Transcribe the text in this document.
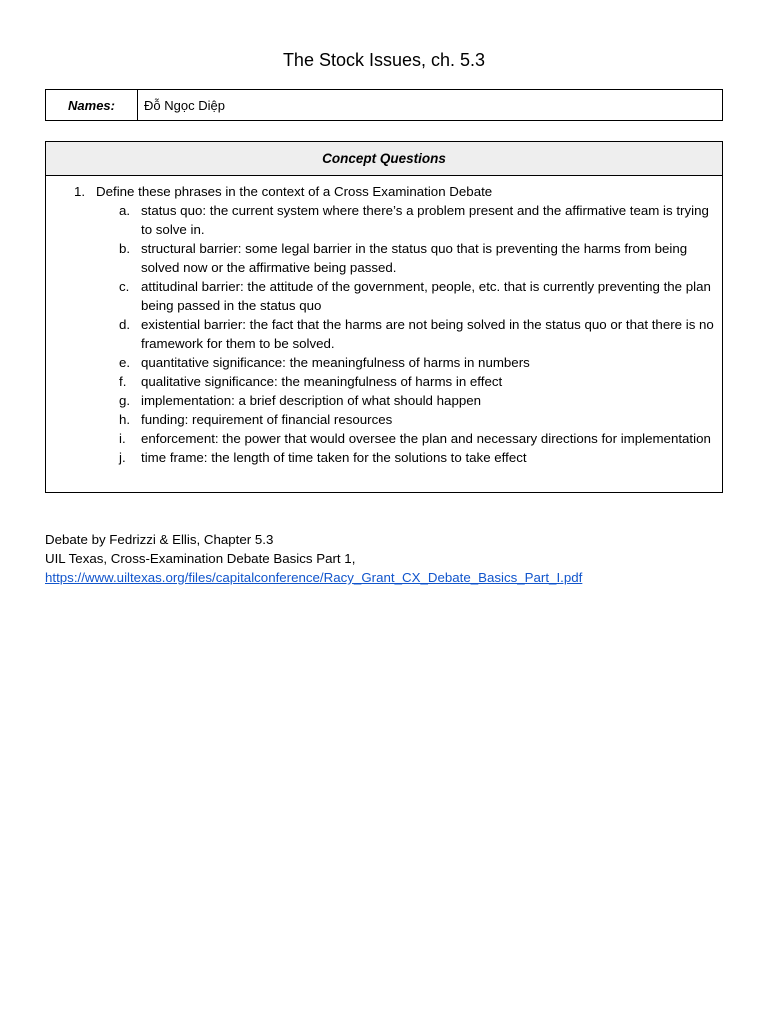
The Stock Issues, ch. 5.3
Names:	Đỗ Ngọc Diệp
Concept Questions
1. Define these phrases in the context of a Cross Examination Debate
a. status quo: the current system where there’s a problem present and the affirmative team is trying to solve in.
b. structural barrier: some legal barrier in the status quo that is preventing the harms from being solved now or the affirmative being passed.
c. attitudinal barrier: the attitude of the government, people, etc. that is currently preventing the plan being passed in the status quo
d. existential barrier: the fact that the harms are not being solved in the status quo or that there is no framework for them to be solved.
e. quantitative significance: the meaningfulness of harms in numbers
f. qualitative significance: the meaningfulness of harms in effect
g. implementation: a brief description of what should happen
h. funding: requirement of financial resources
i. enforcement: the power that would oversee the plan and necessary directions for implementation
j. time frame: the length of time taken for the solutions to take effect
Debate by Fedrizzi & Ellis, Chapter 5.3
UIL Texas, Cross-Examination Debate Basics Part 1,
https://www.uiltexas.org/files/capitalconference/Racy_Grant_CX_Debate_Basics_Part_I.pdf
